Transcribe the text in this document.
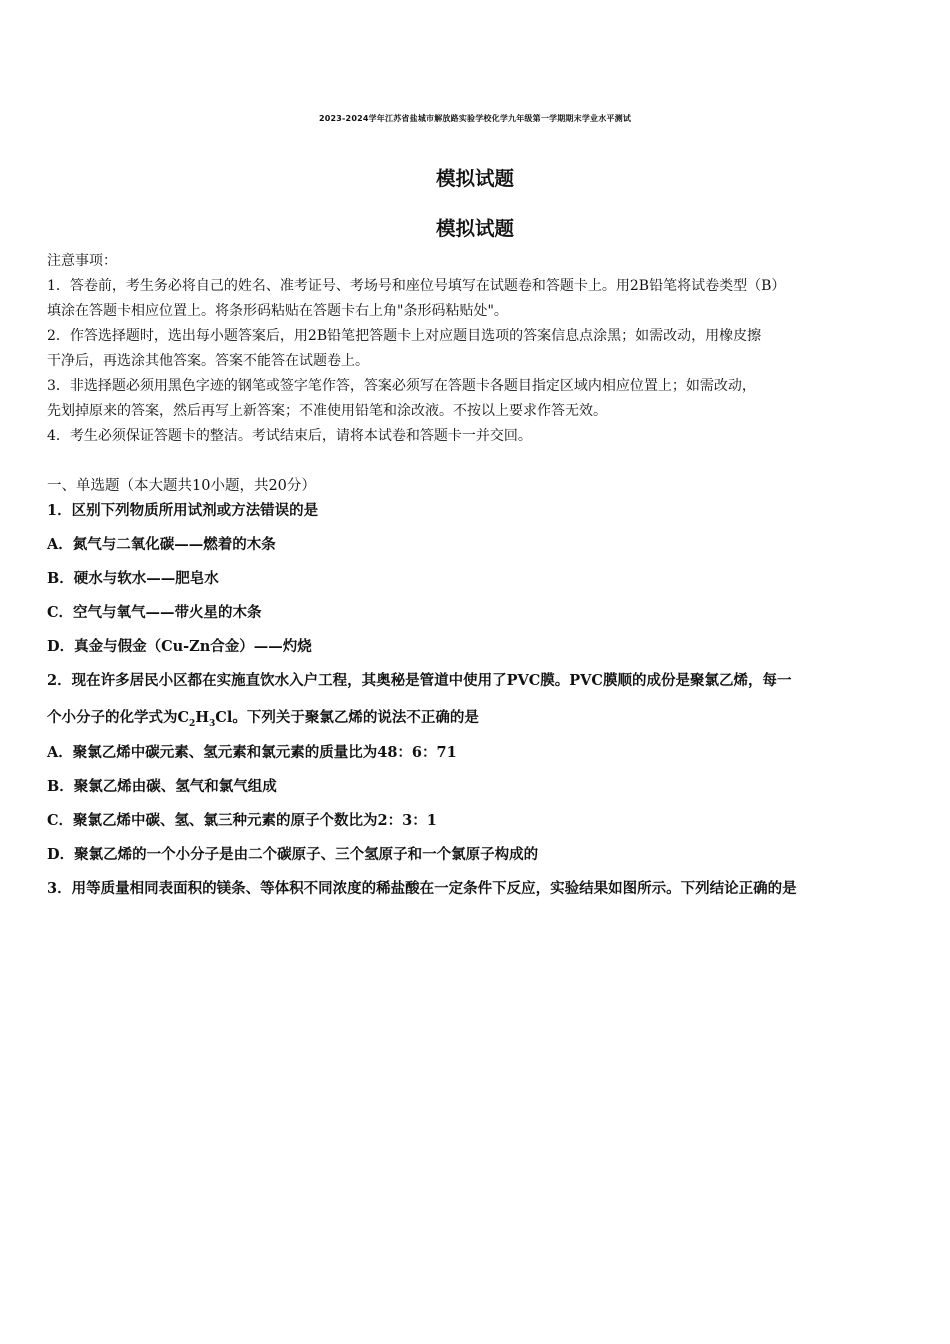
2023-2024学年江苏省盐城市解放路实验学校化学九年级第一学期期末学业水平测试
模拟试题
模拟试题
注意事项：
1．答卷前，考生务必将自己的姓名、准考证号、考场号和座位号填写在试题卷和答题卡上。用2B铅笔将试卷类型（B）
填涂在答题卡相应位置上。将条形码粘贴在答题卡右上角"条形码粘贴处"。
2．作答选择题时，选出每小题答案后，用2B铅笔把答题卡上对应题目选项的答案信息点涂黑；如需改动，用橡皮擦
干净后，再选涂其他答案。答案不能答在试题卷上。
3．非选择题必须用黑色字迹的钢笔或签字笔作答，答案必须写在答题卡各题目指定区域内相应位置上；如需改动，
先划掉原来的答案，然后再写上新答案；不准使用铅笔和涂改液。不按以上要求作答无效。
4．考生必须保证答题卡的整洁。考试结束后，请将本试卷和答题卡一并交回。
一、单选题（本大题共10小题，共20分）
1．区别下列物质所用试剂或方法错误的是
A．氮气与二氧化碳——燃着的木条
B．硬水与软水——肥皂水
C．空气与氧气——带火星的木条
D．真金与假金（Cu-Zn合金）——灼烧
2．现在许多居民小区都在实施直饮水入户工程，其奥秘是管道中使用了PVC膜。PVC膜顺的成份是聚氯乙烯，每一
个小分子的化学式为$C_2H_3Cl$。下列关于聚氯乙烯的说法不正确的是
A．聚氯乙烯中碳元素、氢元素和氯元素的质量比为48：6：71
B．聚氯乙烯由碳、氢气和氯气组成
C．聚氯乙烯中碳、氢、氯三种元素的原子个数比为2：3：1
D．聚氯乙烯的一个小分子是由二个碳原子、三个氢原子和一个氯原子构成的
3．用等质量相同表面积的镁条、等体积不同浓度的稀盐酸在一定条件下反应，实验结果如图所示。下列结论正确的是
